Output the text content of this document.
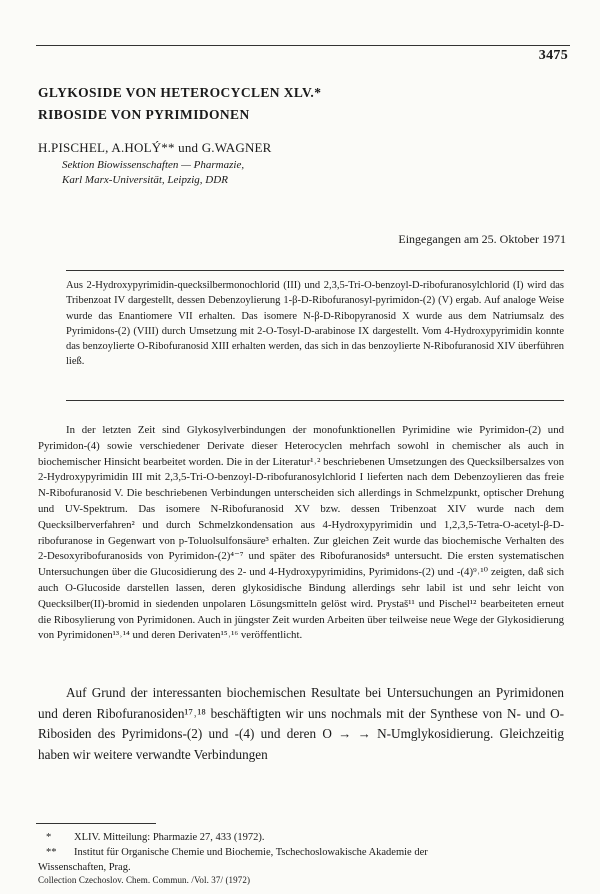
3475
GLYKOSIDE VON HETEROCYCLEN XLV.*
RIBOSIDE VON PYRIMIDONEN
H.PISCHEL, A.HOLÝ** und G.WAGNER
Sektion Biowissenschaften — Pharmazie,
Karl Marx-Universität, Leipzig, DDR
Eingegangen am 25. Oktober 1971

Aus 2-Hydroxypyrimidin-quecksilbermonochlorid (III) und 2,3,5-Tri-O-benzoyl-D-ribofuranosylchlorid (I) wird das Tribenzoat IV dargestellt, dessen Debenzoylierung 1-β-D-Ribofuranosyl-pyrimidon-(2) (V) ergab. Auf analoge Weise wurde das Enantiomere VII erhalten. Das isomere N-β-D-Ribopyranosid X wurde aus dem Natriumsalz des Pyrimidons-(2) (VIII) durch Umsetzung mit 2-O-Tosyl-D-arabinose IX dargestellt. Vom 4-Hydroxypyrimidin konnte das benzoylierte O-Ribofuranosid XIII erhalten werden, das sich in das benzoylierte N-Ribofuranosid XIV überführen ließ.

In der letzten Zeit sind Glykosylverbindungen der monofunktionellen Pyrimidine wie Pyrimidon-(2) und Pyrimidon-(4) sowie verschiedener Derivate dieser Heterocyclen mehrfach sowohl in chemischer als auch in biochemischer Hinsicht bearbeitet worden. Die in der Literatur¹˒² beschriebenen Umsetzungen des Quecksilbersalzes von 2-Hydroxypyrimidin III mit 2,3,5-Tri-O-benzoyl-D-ribofuranosylchlorid I lieferten nach dem Debenzoylieren das freie N-Ribofuranosid V. Die beschriebenen Verbindungen unterscheiden sich allerdings in Schmelzpunkt, optischer Drehung und UV-Spektrum. Das isomere N-Ribofuranosid XV bzw. dessen Tribenzoat XIV wurde nach dem Quecksilberverfahren² und durch Schmelzkondensation aus 4-Hydroxypyrimidin und 1,2,3,5-Tetra-O-acetyl-β-D-ribofuranose in Gegenwart von p-Toluolsulfonsäure³ erhalten. Zur gleichen Zeit wurde das biochemische Verhalten des 2-Desoxyribofuranosids von Pyrimidon-(2)⁴⁻⁷ und später des Ribofuranosids⁸ untersucht. Die ersten systematischen Untersuchungen über die Glucosidierung des 2- und 4-Hydroxypyrimidins, Pyrimidons-(2) und -(4)⁹˒¹⁰ zeigten, daß sich auch O-Glucoside darstellen lassen, deren glykosidische Bindung allerdings sehr labil ist und sehr leicht von Quecksilber(II)-bromid in siedenden unpolaren Lösungsmitteln gelöst wird. Prystaš¹¹ und Pischel¹² bearbeiteten erneut die Ribosylierung von Pyrimidonen. Auch in jüngster Zeit wurden Arbeiten über teilweise neue Wege der Glykosidierung von Pyrimidonen¹³˒¹⁴ und deren Derivaten¹⁵˒¹⁶ veröffentlicht.

Auf Grund der interessanten biochemischen Resultate bei Untersuchungen an Pyrimidonen und deren Ribofuranosiden¹⁷˒¹⁸ beschäftigten wir uns nochmals mit der Synthese von N- und O-Ribosiden des Pyrimidons-(2) und -(4) und deren O → → N-Umglykosidierung. Gleichzeitig haben wir weitere verwandte Verbindungen

*	XLIV. Mitteilung: Pharmazie 27, 433 (1972).
**	Institut für Organische Chemie und Biochemie, Tschechoslowakische Akademie der
Wissenschaften, Prag.
Collection Czechoslov. Chem. Commun. /Vol. 37/ (1972)
